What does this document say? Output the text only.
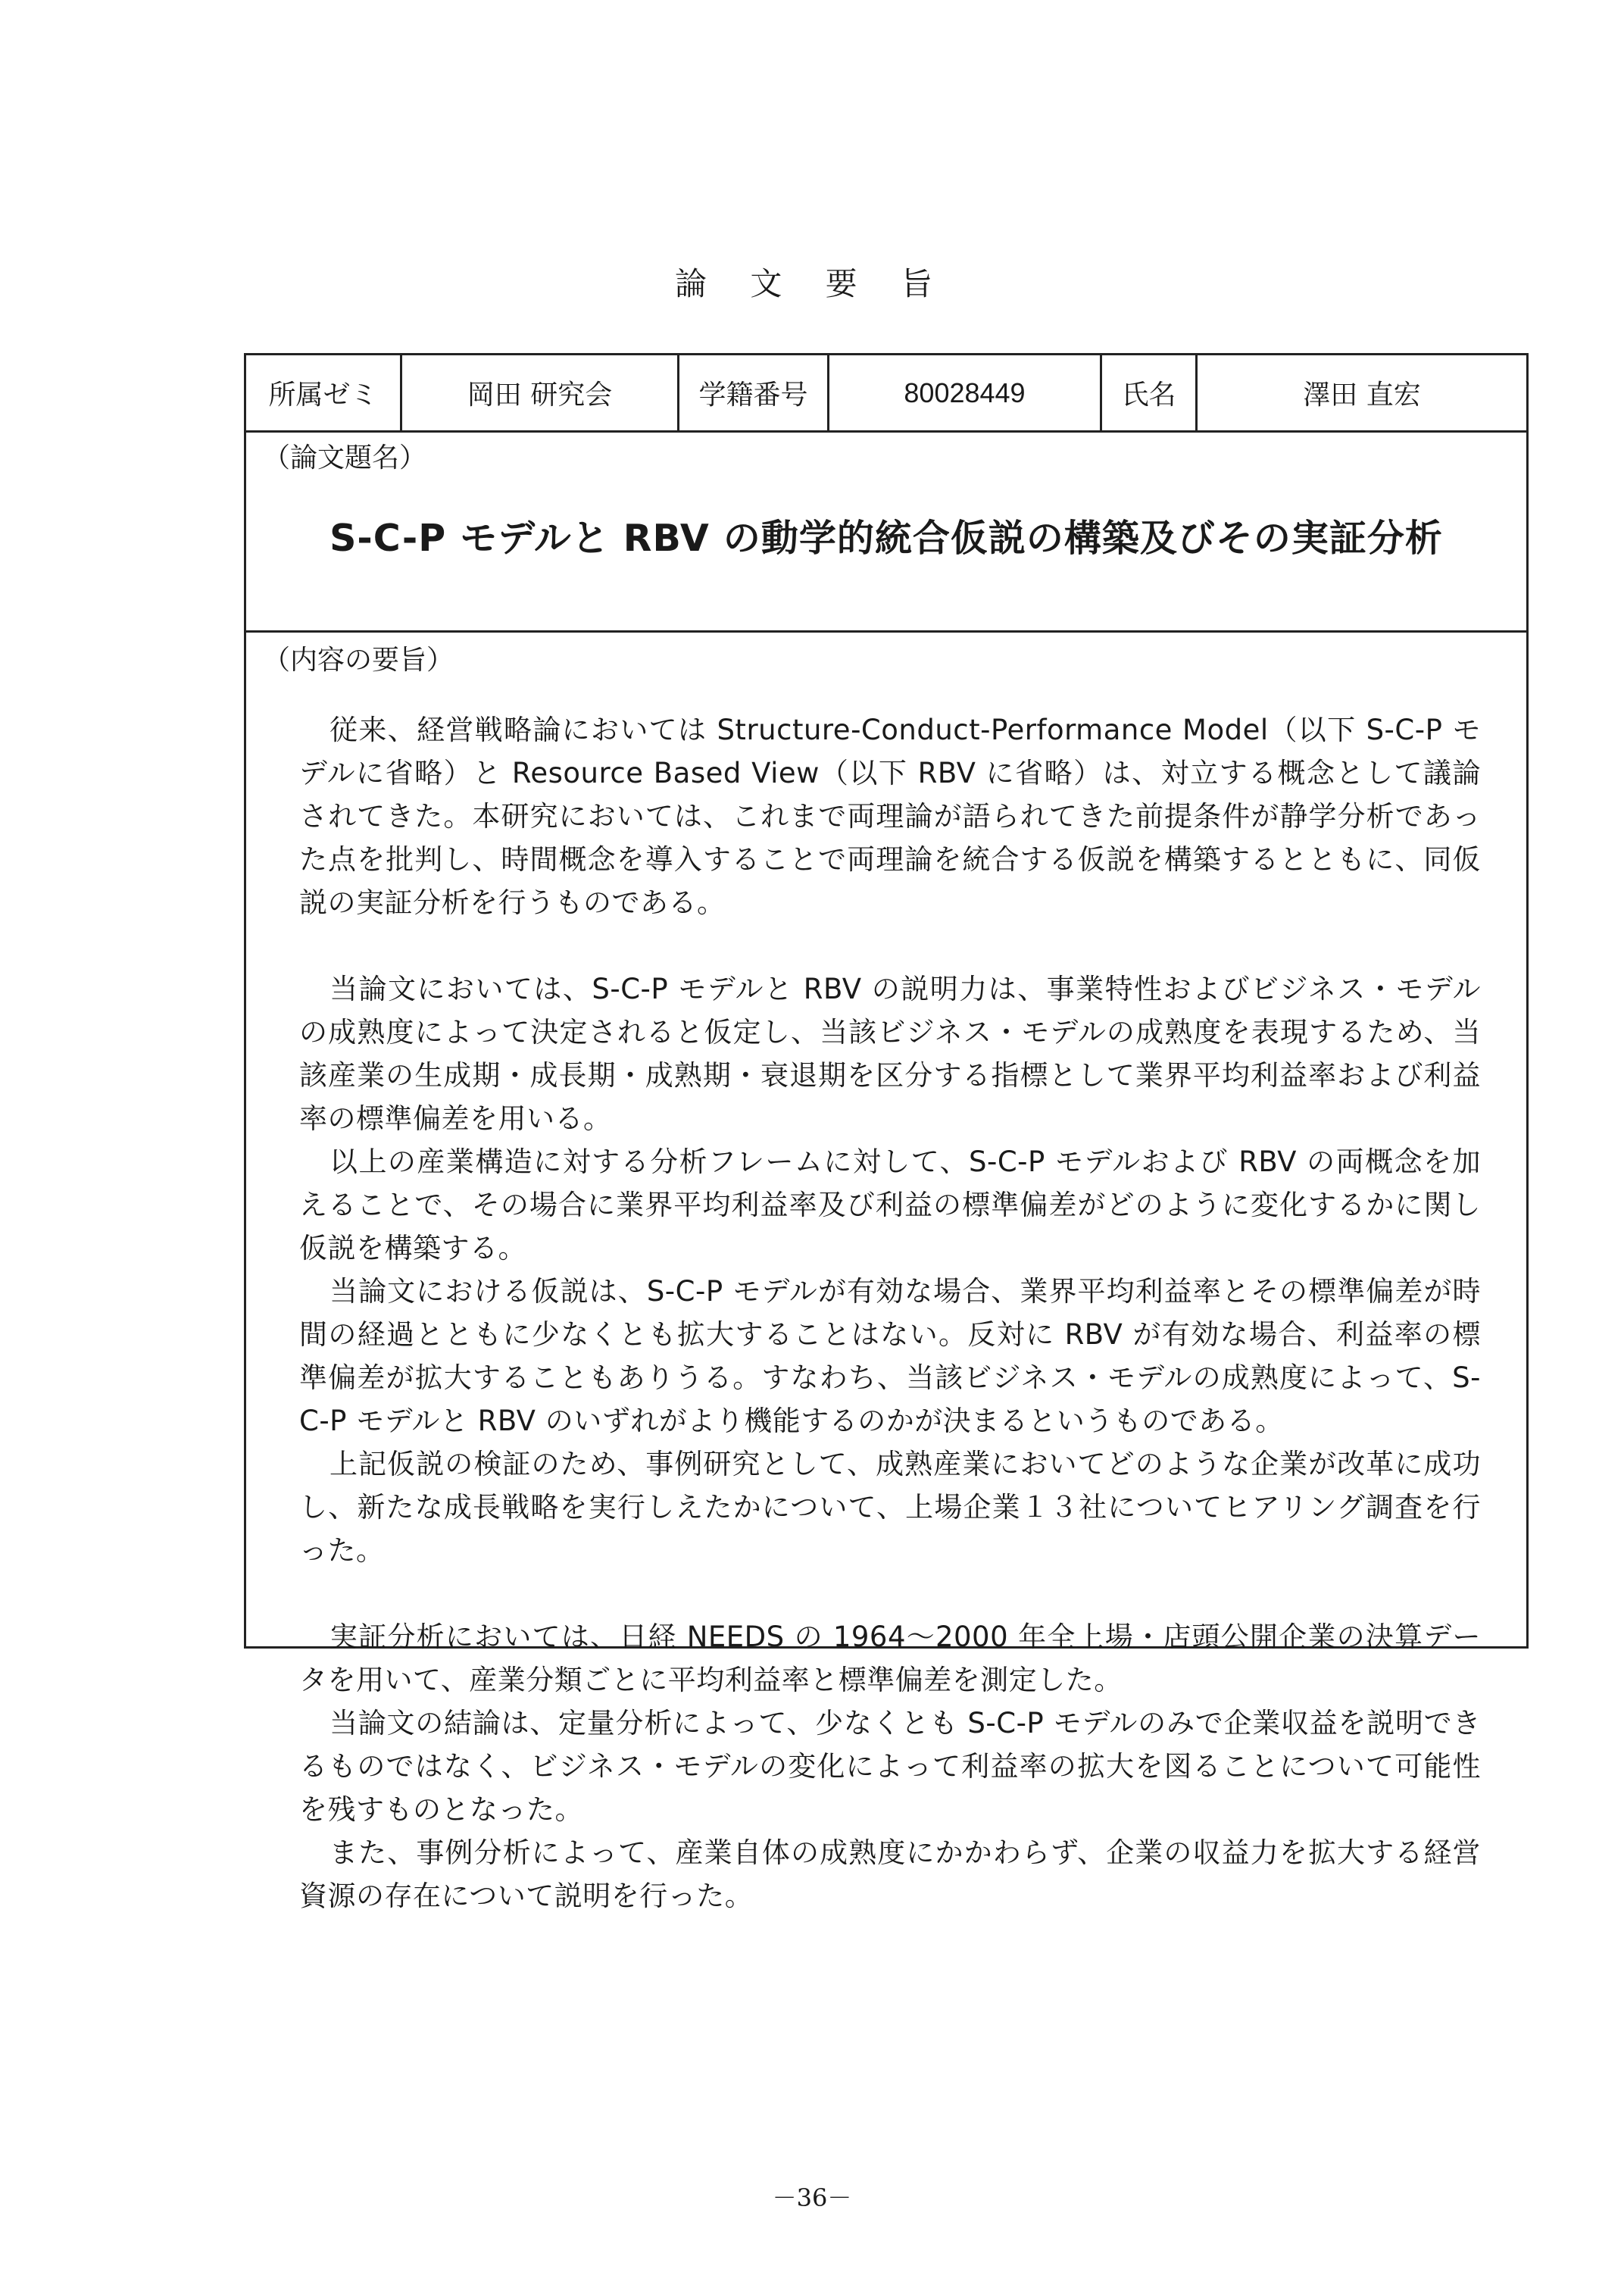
論 文 要 旨
所属ゼミ	岡田 研究会	学籍番号	80028449	氏名	澤田 直宏
（論文題名）
S-C-P モデルと RBV の動学的統合仮説の構築及びその実証分析
（内容の要旨）

従来、経営戦略論においては Structure-Conduct-Performance Model（以下 S-C-P モデルに省略）と Resource Based View（以下 RBV に省略）は、対立する概念として議論されてきた。本研究においては、これまで両理論が語られてきた前提条件が静学分析であった点を批判し、時間概念を導入することで両理論を統合する仮説を構築するとともに、同仮説の実証分析を行うものである。

当論文においては、S-C-P モデルと RBV の説明力は、事業特性およびビジネス・モデルの成熟度によって決定されると仮定し、当該ビジネス・モデルの成熟度を表現するため、当該産業の生成期・成長期・成熟期・衰退期を区分する指標として業界平均利益率および利益率の標準偏差を用いる。

以上の産業構造に対する分析フレームに対して、S-C-P モデルおよび RBV の両概念を加えることで、その場合に業界平均利益率及び利益の標準偏差がどのように変化するかに関し仮説を構築する。

当論文における仮説は、S-C-P モデルが有効な場合、業界平均利益率とその標準偏差が時間の経過とともに少なくとも拡大することはない。反対に RBV が有効な場合、利益率の標準偏差が拡大することもありうる。すなわち、当該ビジネス・モデルの成熟度によって、S-C-P モデルと RBV のいずれがより機能するのかが決まるというものである。

上記仮説の検証のため、事例研究として、成熟産業においてどのような企業が改革に成功し、新たな成長戦略を実行しえたかについて、上場企業１３社についてヒアリング調査を行った。

実証分析においては、日経 NEEDS の 1964～2000 年全上場・店頭公開企業の決算データを用いて、産業分類ごとに平均利益率と標準偏差を測定した。

当論文の結論は、定量分析によって、少なくとも S-C-P モデルのみで企業収益を説明できるものではなく、ビジネス・モデルの変化によって利益率の拡大を図ることについて可能性を残すものとなった。

また、事例分析によって、産業自体の成熟度にかかわらず、企業の収益力を拡大する経営資源の存在について説明を行った。

－36－
